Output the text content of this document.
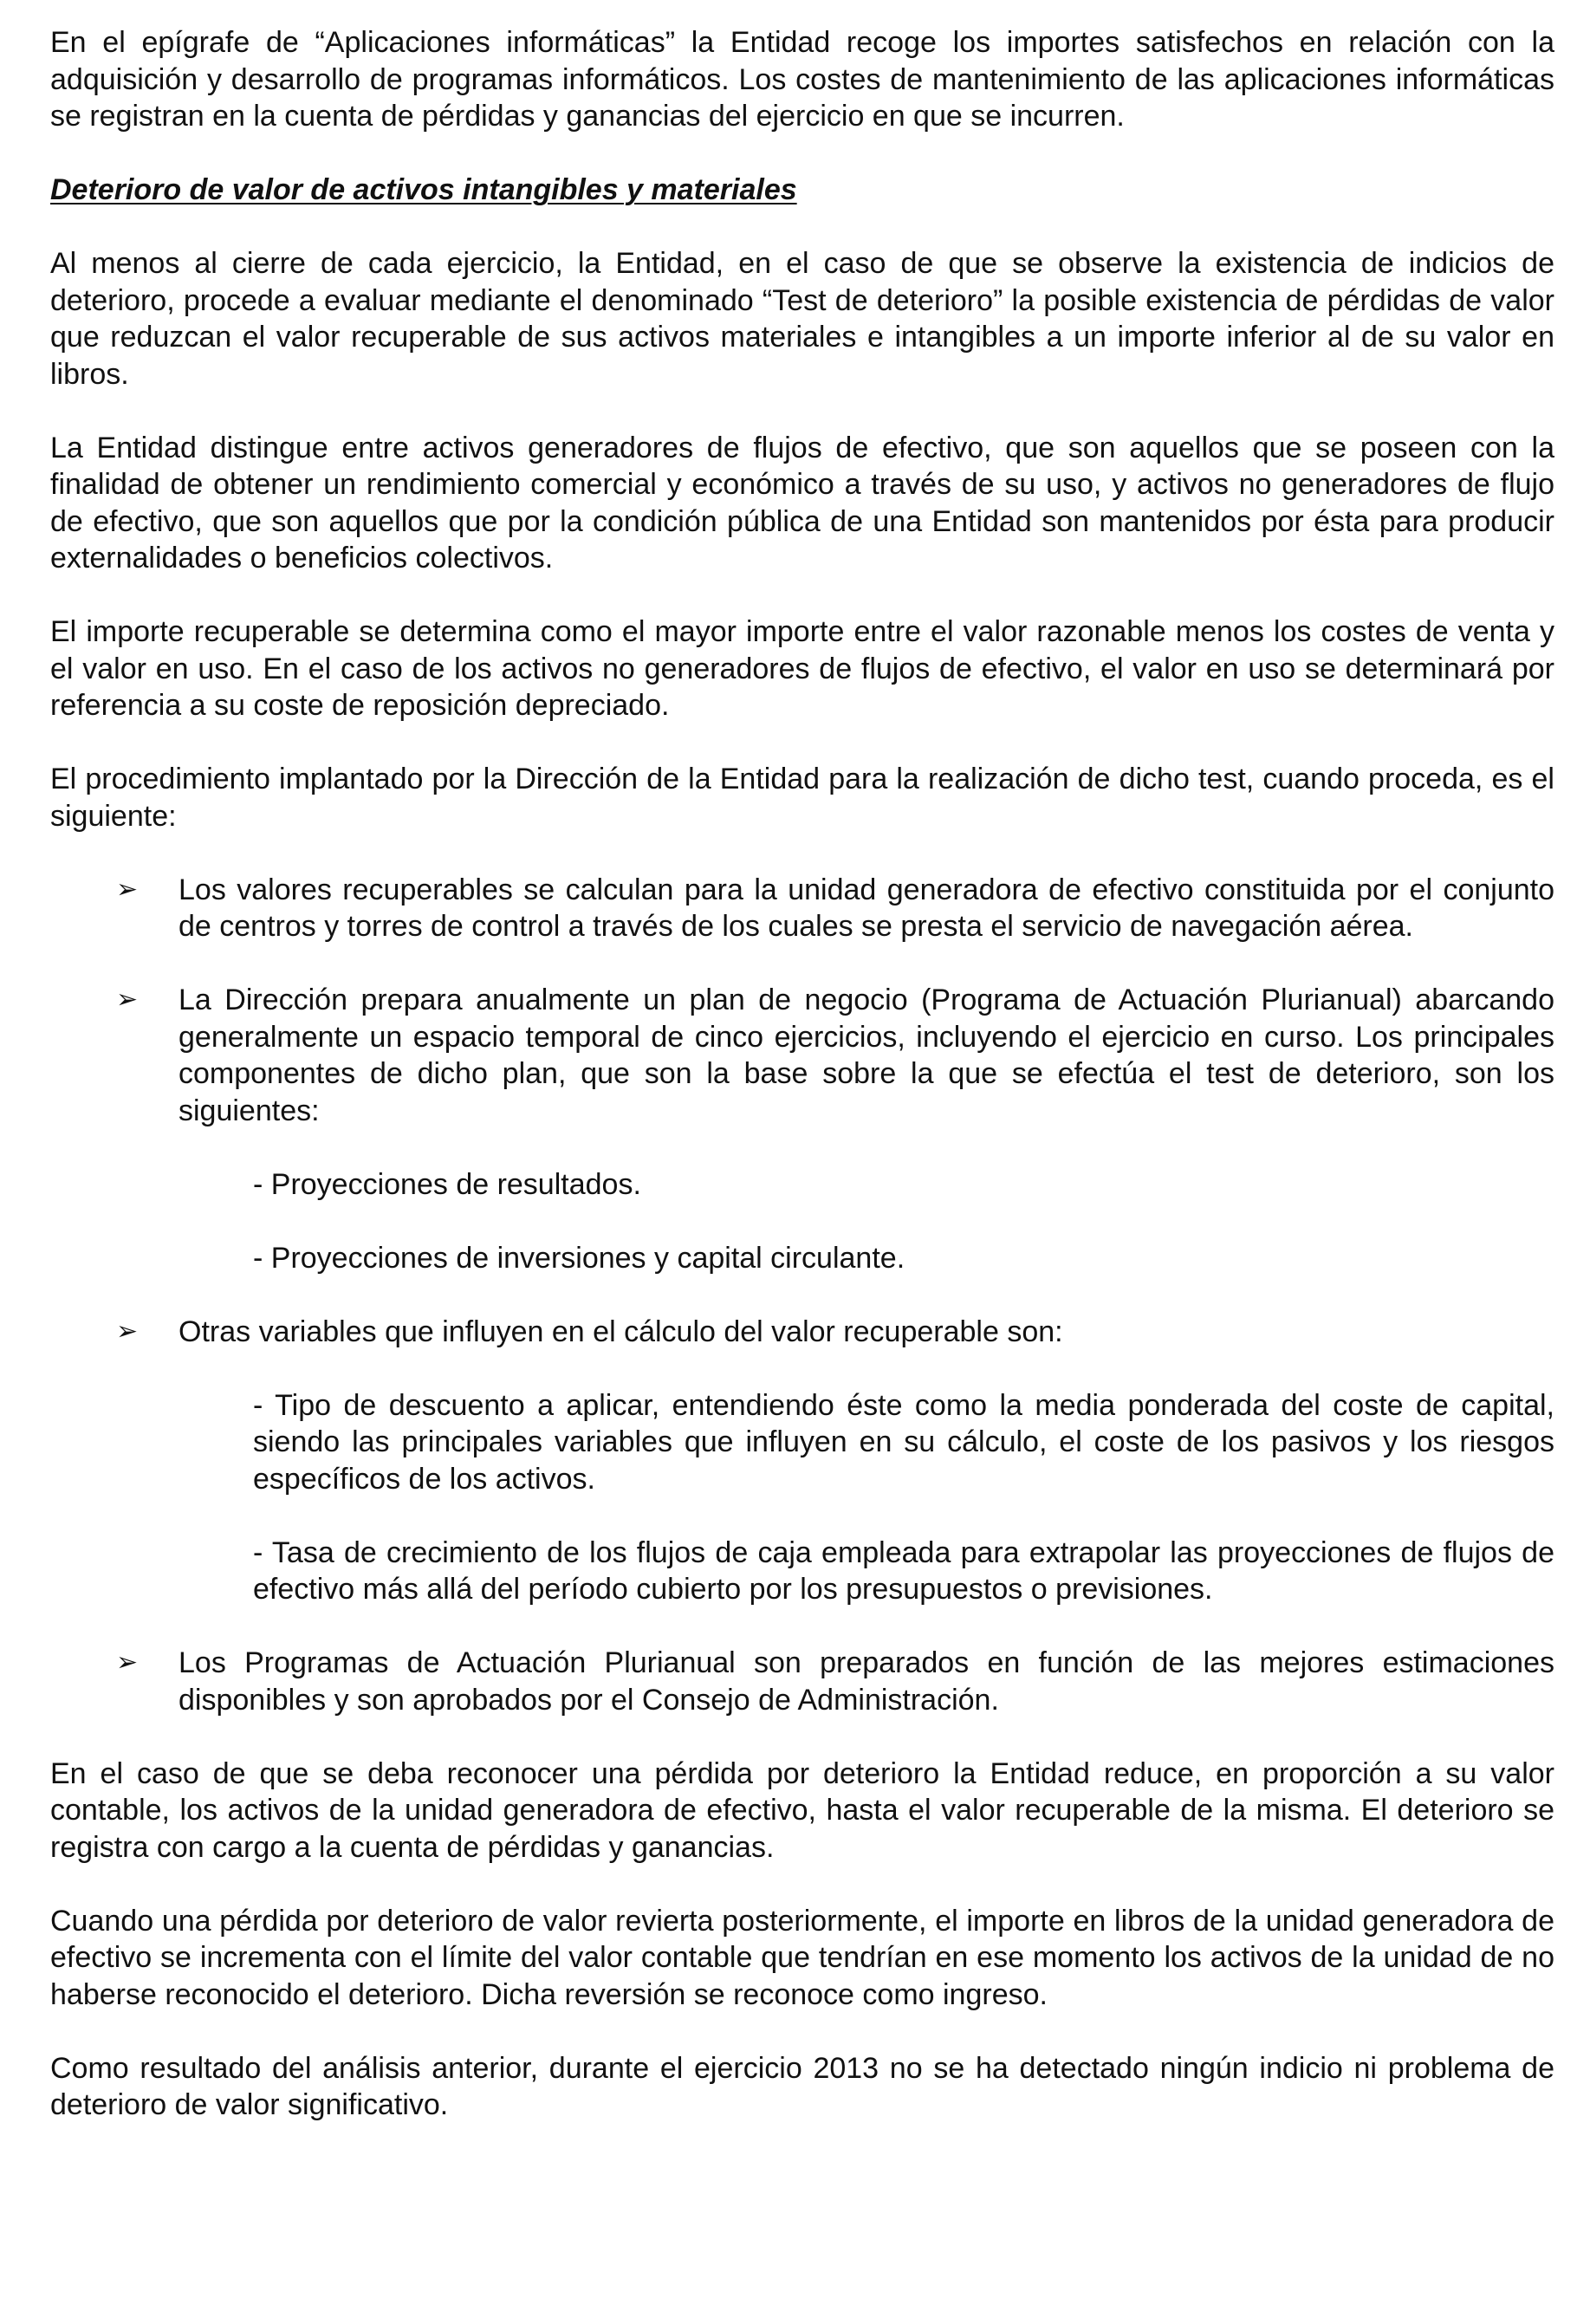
En el epígrafe de “Aplicaciones informáticas” la Entidad recoge los importes satisfechos en relación con la adquisición y desarrollo de programas informáticos. Los costes de mantenimiento de las aplicaciones informáticas se registran en la cuenta de pérdidas y ganancias del ejercicio en que se incurren.

Deterioro de valor de activos intangibles y materiales

Al menos al cierre de cada ejercicio, la Entidad, en el caso de que se observe la existencia de indicios de deterioro, procede a evaluar mediante el denominado “Test de deterioro” la posible existencia de pérdidas de valor que reduzcan el valor recuperable de sus activos materiales e intangibles a un importe inferior al de su valor en libros.

La Entidad distingue entre activos generadores de flujos de efectivo, que son aquellos que se poseen con la finalidad de obtener un rendimiento comercial y económico a través de su uso, y activos no generadores de flujo de efectivo, que son aquellos que por la condición pública de una Entidad son mantenidos por ésta para producir externalidades o beneficios colectivos.

El importe recuperable se determina como el mayor importe entre el valor razonable menos los costes de venta y el valor en uso. En el caso de los activos no generadores de flujos de efectivo, el valor en uso se determinará por referencia a su coste de reposición depreciado.

El procedimiento implantado por la Dirección de la Entidad para la realización de dicho test, cuando proceda, es el siguiente:

➢ Los valores recuperables se calculan para la unidad generadora de efectivo constituida por el conjunto de centros y torres de control a través de los cuales se presta el servicio de navegación aérea.
➢ La Dirección prepara anualmente un plan de negocio (Programa de Actuación Plurianual) abarcando generalmente un espacio temporal de cinco ejercicios, incluyendo el ejercicio en curso. Los principales componentes de dicho plan, que son la base sobre la que se efectúa el test de deterioro, son los siguientes:
- Proyecciones de resultados.
- Proyecciones de inversiones y capital circulante.
➢ Otras variables que influyen en el cálculo del valor recuperable son:
- Tipo de descuento a aplicar, entendiendo éste como la media ponderada del coste de capital, siendo las principales variables que influyen en su cálculo, el coste de los pasivos y los riesgos específicos de los activos.
- Tasa de crecimiento de los flujos de caja empleada para extrapolar las proyecciones de flujos de efectivo más allá del período cubierto por los presupuestos o previsiones.
➢ Los Programas de Actuación Plurianual son preparados en función de las mejores estimaciones disponibles y son aprobados por el Consejo de Administración.

En el caso de que se deba reconocer una pérdida por deterioro la Entidad reduce, en proporción a su valor contable, los activos de la unidad generadora de efectivo, hasta el valor recuperable de la misma. El deterioro se registra con cargo a la cuenta de pérdidas y ganancias.

Cuando una pérdida por deterioro de valor revierta posteriormente, el importe en libros de la unidad generadora de efectivo se incrementa con el límite del valor contable que tendrían en ese momento los activos de la unidad de no haberse reconocido el deterioro. Dicha reversión se reconoce como ingreso.

Como resultado del análisis anterior, durante el ejercicio 2013 no se ha detectado ningún indicio ni problema de deterioro de valor significativo.
